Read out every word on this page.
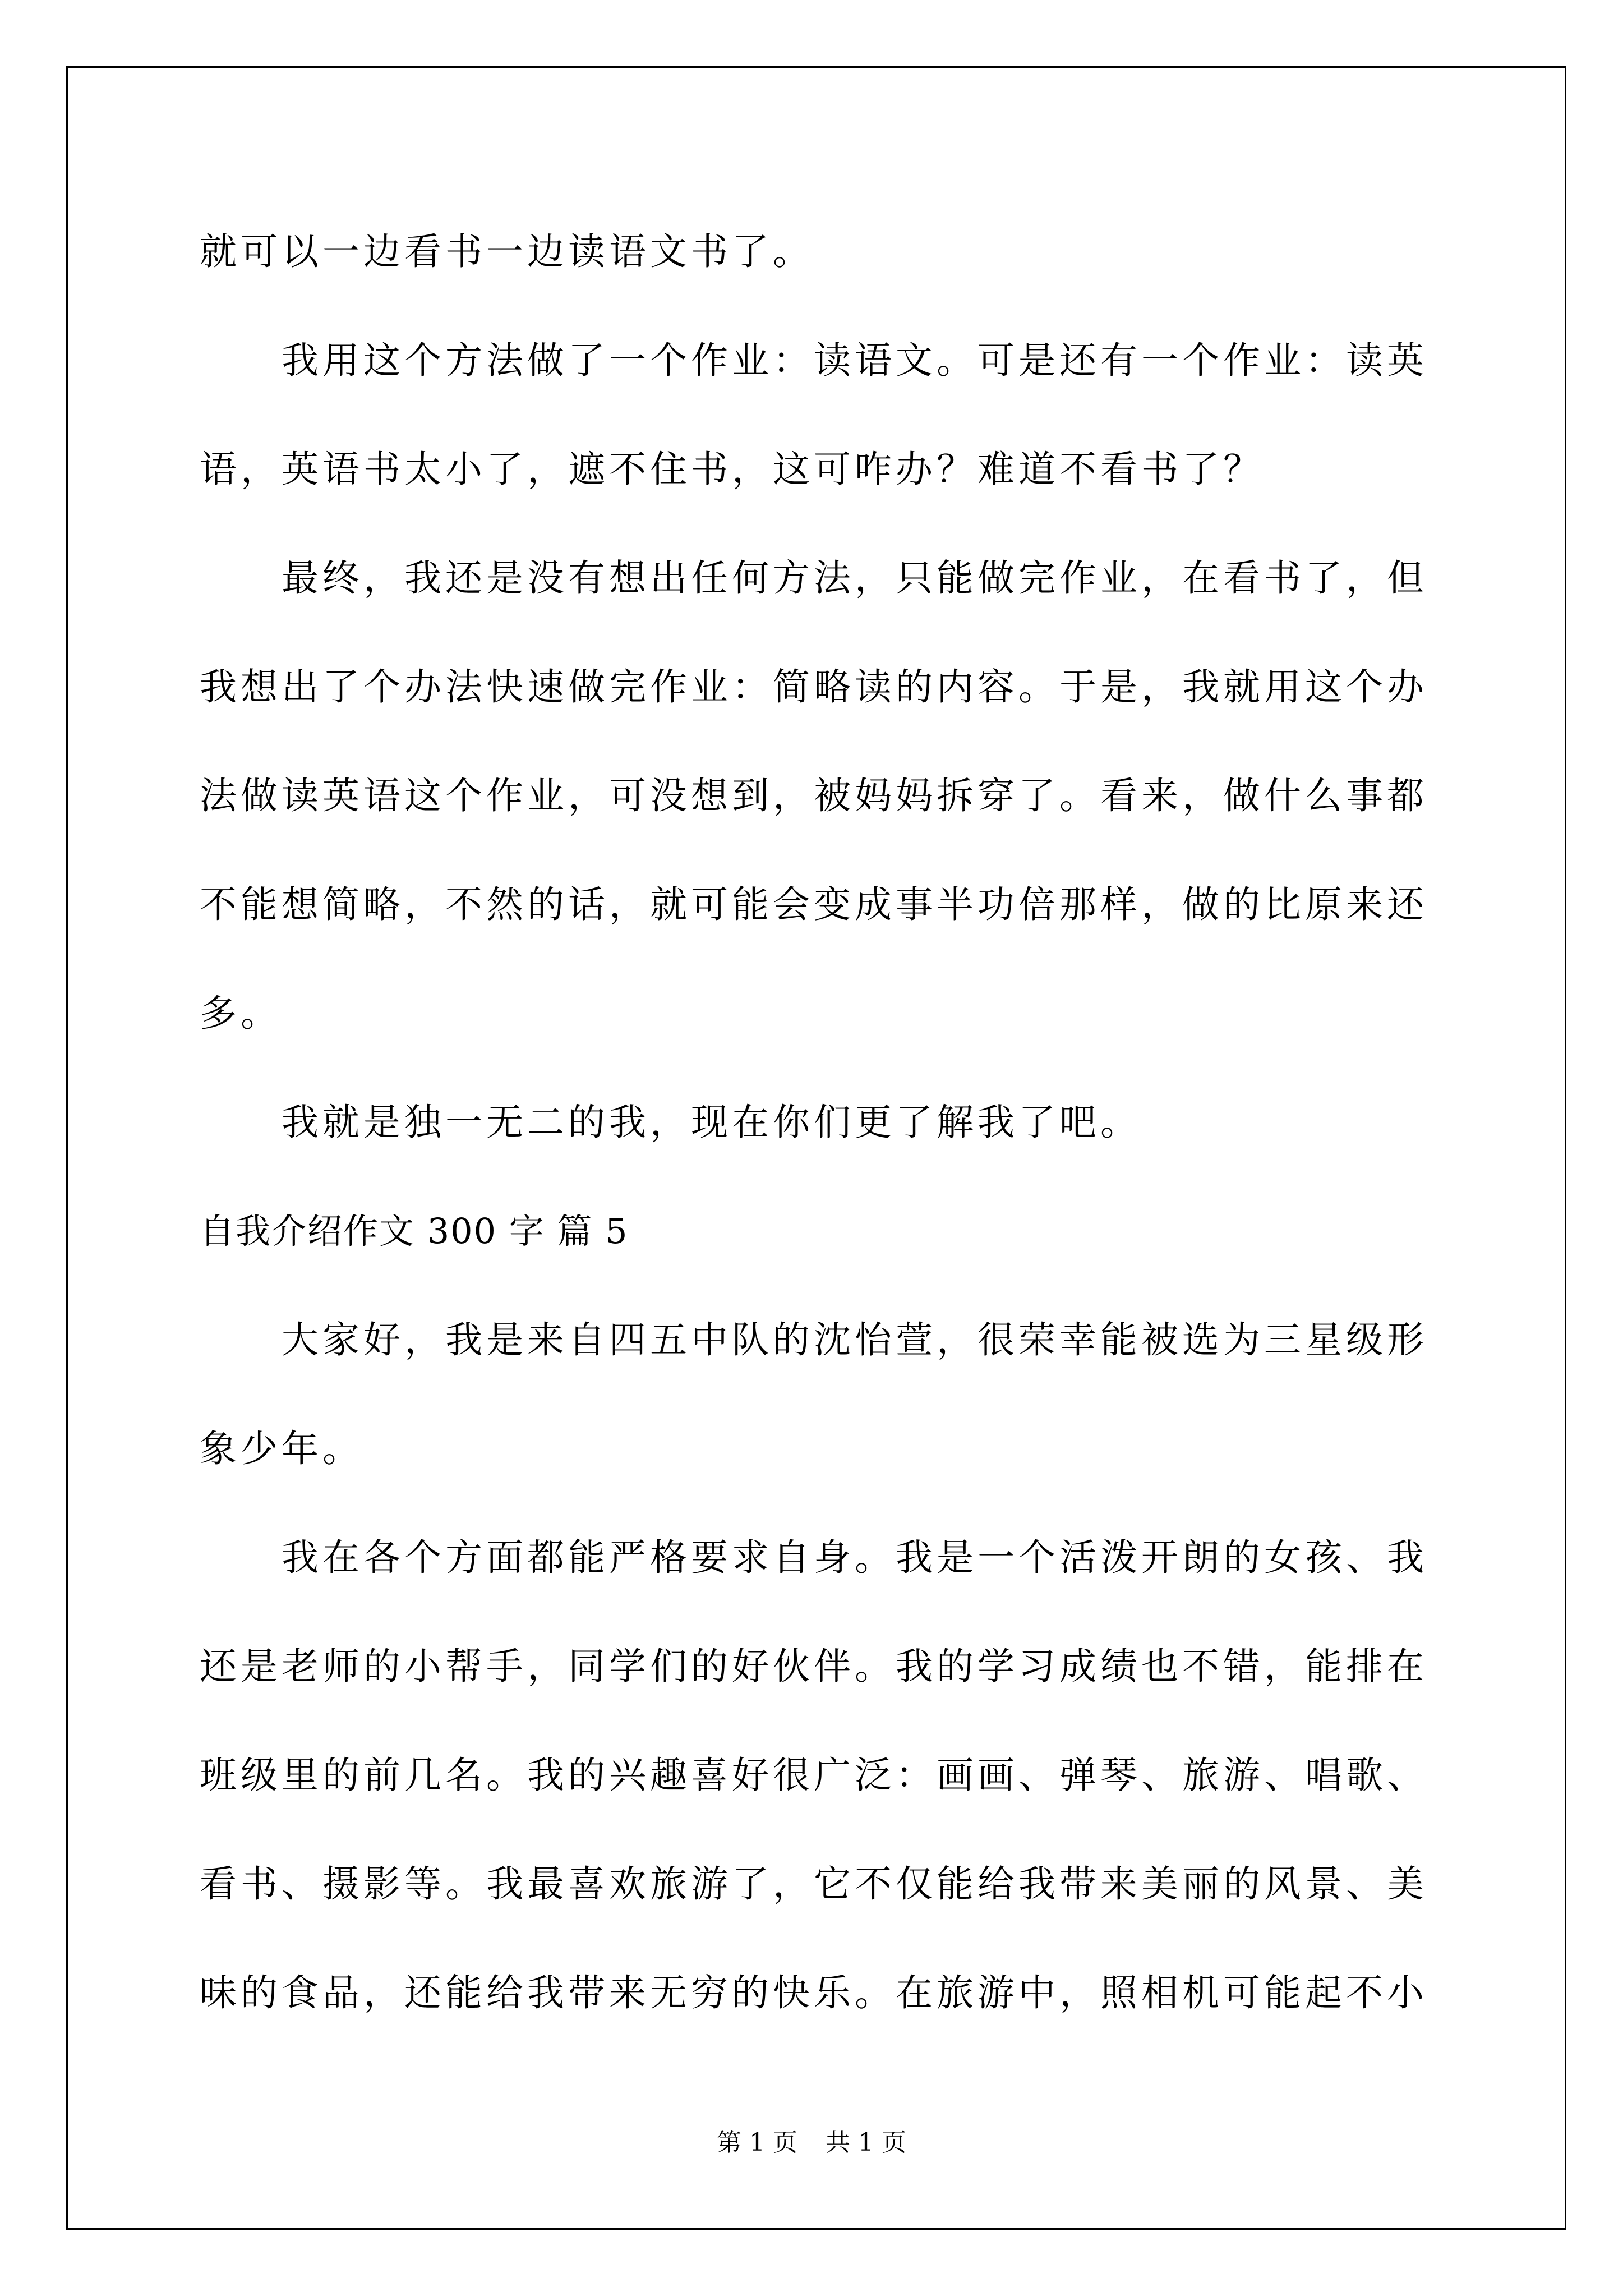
就可以一边看书一边读语文书了。
　　我用这个方法做了一个作业：读语文。可是还有一个作业：读英
语，英语书太小了，遮不住书，这可咋办？难道不看书了？
　　最终，我还是没有想出任何方法，只能做完作业，在看书了，但
我想出了个办法快速做完作业：简略读的内容。于是，我就用这个办
法做读英语这个作业，可没想到，被妈妈拆穿了。看来，做什么事都
不能想简略，不然的话，就可能会变成事半功倍那样，做的比原来还
多。
　　我就是独一无二的我，现在你们更了解我了吧。
自我介绍作文 300 字 篇 5
　　大家好，我是来自四五中队的沈怡萱，很荣幸能被选为三星级形
象少年。
　　我在各个方面都能严格要求自身。我是一个活泼开朗的女孩、我
还是老师的小帮手，同学们的好伙伴。我的学习成绩也不错，能排在
班级里的前几名。我的兴趣喜好很广泛：画画、弹琴、旅游、唱歌、
看书、摄影等。我最喜欢旅游了，它不仅能给我带来美丽的风景、美
味的食品，还能给我带来无穷的快乐。在旅游中，照相机可能起不小
第 1 页 共 1 页
